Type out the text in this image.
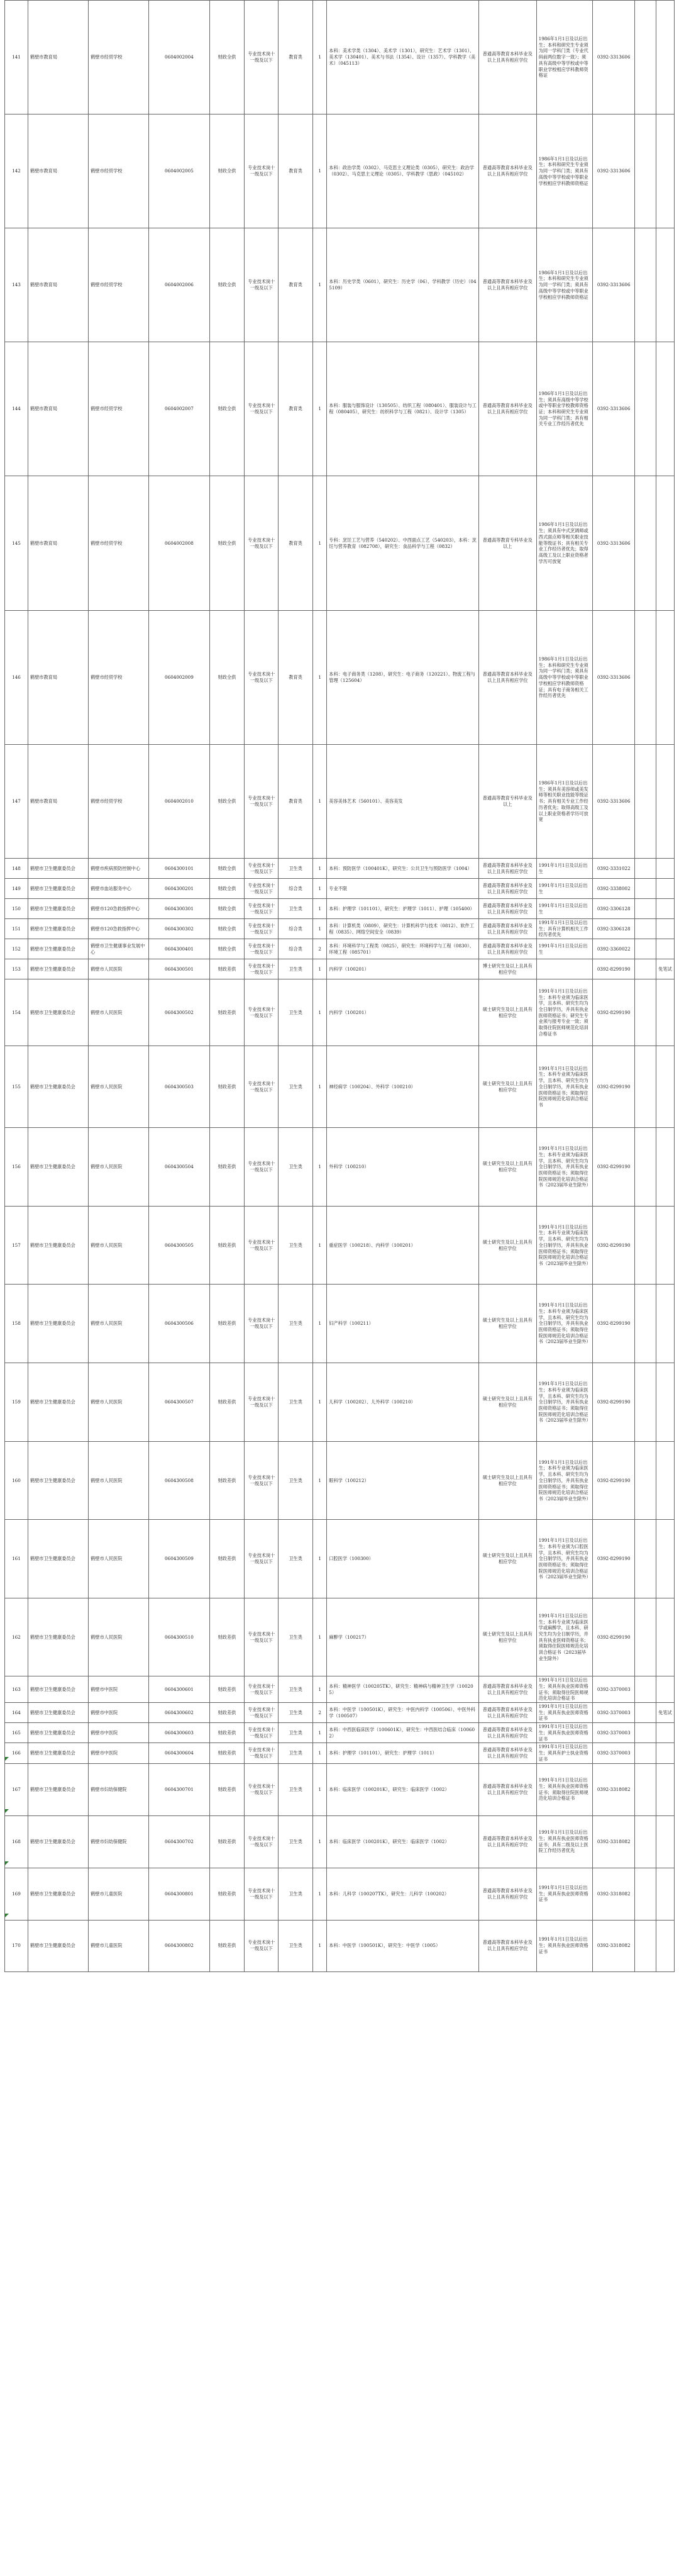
141	鹤壁市教育局	鹤壁市经贸学校	0604002004	财政全供	专业技术岗十一级及以下	教育类	1	本科：美术学类（1304）、美术学（1301），研究生：艺术学（1301）、美术学（130401）、美术与书法（1354）、设计（1357）、学科教学（美术）（045113）	普通高等教育本科毕业及以上且具有相应学位	1986年1月1日及以后出生；本科和研究生专业须为同一学科门类（专业代码前两位数字一致）；须具有高级中等学校或中等职业学校相应学科教师资格证	0392-3313606		
142	鹤壁市教育局	鹤壁市经贸学校	0604002005	财政全供	专业技术岗十一级及以下	教育类	1	本科：政治学类（0302）、马克思主义理论类（0305），研究生：政治学（0302）、马克思主义理论（0305）、学科教学（思政）（045102）	普通高等教育本科毕业及以上且具有相应学位	1986年1月1日及以后出生；本科和研究生专业须为同一学科门类；须具有高级中等学校或中等职业学校相应学科教师资格证	0392-3313606		
143	鹤壁市教育局	鹤壁市经贸学校	0604002006	财政全供	专业技术岗十一级及以下	教育类	1	本科：历史学类（0601），研究生：历史学（06）、学科教学（历史）（045109）	普通高等教育本科毕业及以上且具有相应学位	1986年1月1日及以后出生；本科和研究生专业须为同一学科门类；须具有高级中等学校或中等职业学校相应学科教师资格证	0392-3313606		
144	鹤壁市教育局	鹤壁市经贸学校	0604002007	财政全供	专业技术岗十一级及以下	教育类	1	本科：服装与服饰设计（130505）、纺织工程（080401）、服装设计与工程（080405），研究生：纺织科学与工程（0821）、设计学（1305）	普通高等教育本科毕业及以上且具有相应学位	1986年1月1日及以后出生；须具有高级中等学校或中等职业学校教师资格证；本科和研究生专业须为同一学科门类；具有相关专业工作经历者优先	0392-3313606		
145	鹤壁市教育局	鹤壁市经贸学校	0604002008	财政全供	专业技术岗十一级及以下	教育类	1	专科：烹饪工艺与营养（540202）、中西面点工艺（540203），本科：烹饪与营养教育（082708），研究生：食品科学与工程（0832）	普通高等教育专科毕业及以上	1986年1月1日及以后出生；须具有中式烹调师或西式面点师等相关职业技能等级证书；具有相关专业工作经历者优先；取得高级工及以上职业资格者学历可放宽	0392-3313606		
146	鹤壁市教育局	鹤壁市经贸学校	0604002009	财政全供	专业技术岗十一级及以下	教育类	1	本科：电子商务类（1208），研究生：电子商务（120221）、物流工程与管理（125604）	普通高等教育本科毕业及以上且具有相应学位	1986年1月1日及以后出生；本科和研究生专业须为同一学科门类；须具有高级中等学校或中等职业学校相应学科教师资格证；具有电子商务相关工作经历者优先	0392-3313606		
147	鹤壁市教育局	鹤壁市经贸学校	0604002010	财政全供	专业技术岗十一级及以下	教育类	1	美容美体艺术（560101）、美容美发	普通高等教育专科毕业及以上	1986年1月1日及以后出生；须具有美容师或美发师等相关职业技能等级证书；具有相关专业工作经历者优先；取得高级工及以上职业资格者学历可放宽	0392-3313606		
148	鹤壁市卫生健康委员会	鹤壁市疾病预防控制中心	0604300101	财政全供	专业技术岗十一级及以下	卫生类	1	本科：预防医学（100401K），研究生：公共卫生与预防医学（1004）	普通高等教育本科毕业及以上且具有相应学位	1991年1月1日及以后出生	0392-3331022		
149	鹤壁市卫生健康委员会	鹤壁市血站服务中心	0604300201	财政全供	专业技术岗十一级及以下	综合类	1	专业不限	普通高等教育本科毕业及以上且具有相应学位	1991年1月1日及以后出生	0392-3338002		
150	鹤壁市卫生健康委员会	鹤壁市120急救指挥中心	0604300301	财政全供	专业技术岗十一级及以下	卫生类	1	本科：护理学（101101），研究生：护理学（1011）、护理（105400）	普通高等教育本科毕业及以上且具有相应学位	1991年1月1日及以后出生	0392-3306128		
151	鹤壁市卫生健康委员会	鹤壁市120急救指挥中心	0604300302	财政全供	专业技术岗十一级及以下	综合类	1	本科：计算机类（0809），研究生：计算机科学与技术（0812）、软件工程（0835）、网络空间安全（0839）	普通高等教育本科毕业及以上且具有相应学位	1991年1月1日及以后出生；具有计算机相关工作经历者优先	0392-3306128		
152	鹤壁市卫生健康委员会	鹤壁市卫生健康事业发展中心	0604300401	财政全供	专业技术岗十一级及以下	综合类	2	本科：环境科学与工程类（0825），研究生：环境科学与工程（0830）、环境工程（085701）	普通高等教育本科毕业及以上且具有相应学位	1991年1月1日及以后出生	0392-3360022		
153	鹤壁市卫生健康委员会	鹤壁市人民医院	0604300501	财政差供	专业技术岗十一级及以下	卫生类	1	内科学（100201）	博士研究生及以上且具有相应学位		0392-8299190		免笔试
154	鹤壁市卫生健康委员会	鹤壁市人民医院	0604300502	财政差供	专业技术岗十一级及以下	卫生类	1	内科学（100201）	硕士研究生及以上且具有相应学位	1991年1月1日及以后出生；本科专业须为临床医学，且本科、研究生均为全日制学历，并具有执业医师资格证书；研究生专业须与报考专业一致；须取得住院医师规范化培训合格证书	0392-8299190		
155	鹤壁市卫生健康委员会	鹤壁市人民医院	0604300503	财政差供	专业技术岗十一级及以下	卫生类	1	神经病学（100204）、外科学（100210）	硕士研究生及以上且具有相应学位	1991年1月1日及以后出生；本科专业须为临床医学，且本科、研究生均为全日制学历，并具有执业医师资格证书；须取得住院医师规范化培训合格证书	0392-8299190		
156	鹤壁市卫生健康委员会	鹤壁市人民医院	0604300504	财政差供	专业技术岗十一级及以下	卫生类	1	外科学（100210）	硕士研究生及以上且具有相应学位	1991年1月1日及以后出生；本科专业须为临床医学，且本科、研究生均为全日制学历，并具有执业医师资格证书；须取得住院医师规范化培训合格证书（2023届毕业生除外）	0392-8299190		
157	鹤壁市卫生健康委员会	鹤壁市人民医院	0604300505	财政差供	专业技术岗十一级及以下	卫生类	1	重症医学（100218）、内科学（100201）	硕士研究生及以上且具有相应学位	1991年1月1日及以后出生；本科专业须为临床医学，且本科、研究生均为全日制学历，并具有执业医师资格证书；须取得住院医师规范化培训合格证书（2023届毕业生除外）	0392-8299190		
158	鹤壁市卫生健康委员会	鹤壁市人民医院	0604300506	财政差供	专业技术岗十一级及以下	卫生类	1	妇产科学（100211）	硕士研究生及以上且具有相应学位	1991年1月1日及以后出生；本科专业须为临床医学，且本科、研究生均为全日制学历，并具有执业医师资格证书；须取得住院医师规范化培训合格证书（2023届毕业生除外）	0392-8299190		
159	鹤壁市卫生健康委员会	鹤壁市人民医院	0604300507	财政差供	专业技术岗十一级及以下	卫生类	1	儿科学（100202）、儿外科学（100210）	硕士研究生及以上且具有相应学位	1991年1月1日及以后出生；本科专业须为临床医学，且本科、研究生均为全日制学历，并具有执业医师资格证书；须取得住院医师规范化培训合格证书（2023届毕业生除外）	0392-8299190		
160	鹤壁市卫生健康委员会	鹤壁市人民医院	0604300508	财政差供	专业技术岗十一级及以下	卫生类	1	眼科学（100212）	硕士研究生及以上且具有相应学位	1991年1月1日及以后出生；本科专业须为临床医学，且本科、研究生均为全日制学历，并具有执业医师资格证书；须取得住院医师规范化培训合格证书（2023届毕业生除外）	0392-8299190		
161	鹤壁市卫生健康委员会	鹤壁市人民医院	0604300509	财政差供	专业技术岗十一级及以下	卫生类	1	口腔医学（100300）	硕士研究生及以上且具有相应学位	1991年1月1日及以后出生；本科专业须为口腔医学，且本科、研究生均为全日制学历，并具有执业医师资格证书；须取得住院医师规范化培训合格证书（2023届毕业生除外）	0392-8299190		
162	鹤壁市卫生健康委员会	鹤壁市人民医院	0604300510	财政差供	专业技术岗十一级及以下	卫生类	1	麻醉学（100217）	硕士研究生及以上且具有相应学位	1991年1月1日及以后出生；本科专业须为临床医学或麻醉学，且本科、研究生均为全日制学历，并具有执业医师资格证书；须取得住院医师规范化培训合格证书（2023届毕业生除外）	0392-8299190		
163	鹤壁市卫生健康委员会	鹤壁市中医院	0604300601	财政差供	专业技术岗十一级及以下	卫生类	1	本科：精神医学（100205TK），研究生：精神病与精神卫生学（100205）	普通高等教育本科毕业及以上且具有相应学位	1991年1月1日及以后出生；须具有执业医师资格证书；须取得住院医师规范化培训合格证书	0392-3370003		
164	鹤壁市卫生健康委员会	鹤壁市中医院	0604300602	财政差供	专业技术岗十一级及以下	卫生类	2	本科：中医学（100501K），研究生：中医内科学（100506）、中医外科学（100507）	普通高等教育本科毕业及以上且具有相应学位	1991年1月1日及以后出生；须具有执业医师资格证书	0392-3370003		免笔试
165	鹤壁市卫生健康委员会	鹤壁市中医院	0604300603	财政差供	专业技术岗十一级及以下	卫生类	1	本科：中西医临床医学（100601K），研究生：中西医结合临床（100602）	普通高等教育本科毕业及以上且具有相应学位	1991年1月1日及以后出生；须具有执业医师资格证书	0392-3370003		
166	鹤壁市卫生健康委员会	鹤壁市中医院	0604300604	财政差供	专业技术岗十一级及以下	卫生类	1	本科：护理学（101101），研究生：护理学（1011）	普通高等教育本科毕业及以上且具有相应学位	1991年1月1日及以后出生；须具有护士执业资格证书	0392-3370003		
167	鹤壁市卫生健康委员会	鹤壁市妇幼保健院	0604300701	财政差供	专业技术岗十一级及以下	卫生类	1	本科：临床医学（100201K），研究生：临床医学（1002）	普通高等教育本科毕业及以上且具有相应学位	1991年1月1日及以后出生；须具有执业医师资格证书；须取得住院医师规范化培训合格证书	0392-3318082		
168	鹤壁市卫生健康委员会	鹤壁市妇幼保健院	0604300702	财政差供	专业技术岗十一级及以下	卫生类	1	本科：临床医学（100201K），研究生：临床医学（1002）	普通高等教育本科毕业及以上且具有相应学位	1991年1月1日及以后出生；须具有执业医师资格证书；具有二级及以上医院工作经历者优先	0392-3318082		
169	鹤壁市卫生健康委员会	鹤壁市儿童医院	0604300801	财政差供	专业技术岗十一级及以下	卫生类	1	本科：儿科学（100207TK），研究生：儿科学（100202）	普通高等教育本科毕业及以上且具有相应学位	1991年1月1日及以后出生；须具有执业医师资格证书	0392-3318082		
170	鹤壁市卫生健康委员会	鹤壁市儿童医院	0604300802	财政差供	专业技术岗十一级及以下	卫生类	1	本科：中医学（100501K），研究生：中医学（1005）	普通高等教育本科毕业及以上且具有相应学位	1991年1月1日及以后出生；须具有执业医师资格证书	0392-3318082		
